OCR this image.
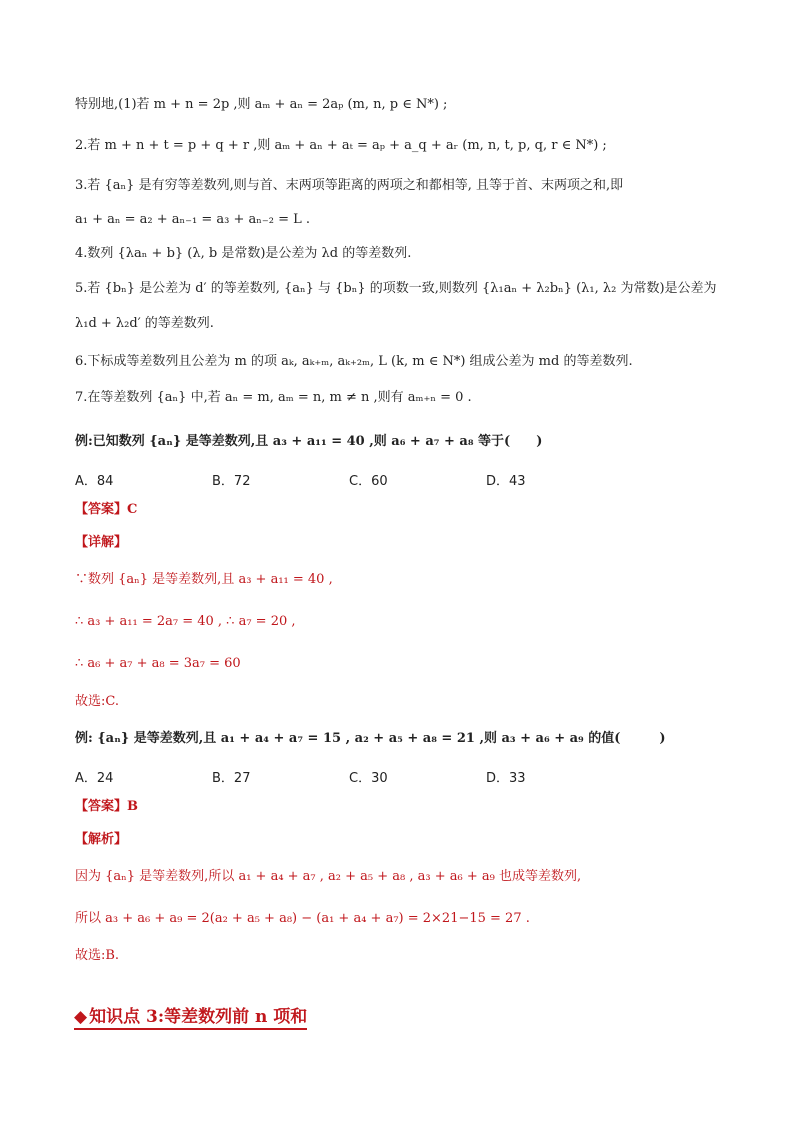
特别地,(1)若 m + n = 2p ,则 aₘ + aₙ = 2aₚ (m, n, p ∈ N*) ;
2.若 m + n + t = p + q + r ,则 aₘ + aₙ + aₜ = aₚ + a_q + aᵣ (m, n, t, p, q, r ∈ N*) ;
3.若 {aₙ} 是有穷等差数列,则与首、末两项等距离的两项之和都相等, 且等于首、末两项之和,即
a₁ + aₙ = a₂ + aₙ₋₁ = a₃ + aₙ₋₂ = L .
4.数列 {λaₙ + b} (λ, b 是常数)是公差为 λd 的等差数列.
5.若 {bₙ} 是公差为 d′ 的等差数列, {aₙ} 与 {bₙ} 的项数一致,则数列 {λ₁aₙ + λ₂bₙ} (λ₁, λ₂ 为常数)是公差为
λ₁d + λ₂d′ 的等差数列.
6.下标成等差数列且公差为 m 的项 aₖ, aₖ₊ₘ, aₖ₊₂ₘ, L (k, m ∈ N*) 组成公差为 md 的等差数列.
7.在等差数列 {aₙ} 中,若 aₙ = m, aₘ = n, m ≠ n ,则有 aₘ₊ₙ = 0 .
例:已知数列 {aₙ} 是等差数列,且 a₃ + a₁₁ = 40 ,则 a₆ + a₇ + a₈ 等于(　　)
A．84	B．72	C．60	D．43
【答案】C
【详解】
∵数列 {aₙ} 是等差数列,且 a₃ + a₁₁ = 40 ,
∴ a₃ + a₁₁ = 2a₇ = 40 , ∴ a₇ = 20 ,
∴ a₆ + a₇ + a₈ = 3a₇ = 60
故选:C.
例: {aₙ} 是等差数列,且 a₁ + a₄ + a₇ = 15 , a₂ + a₅ + a₈ = 21 ,则 a₃ + a₆ + a₉ 的值(　　　)
A．24	B．27	C．30	D．33
【答案】B
【解析】
因为 {aₙ} 是等差数列,所以 a₁ + a₄ + a₇ , a₂ + a₅ + a₈ , a₃ + a₆ + a₉ 也成等差数列,
所以 a₃ + a₆ + a₉ = 2(a₂ + a₅ + a₈) − (a₁ + a₄ + a₇) = 2×21−15 = 27 .
故选:B.
◆ 知识点 3:等差数列前 n 项和
